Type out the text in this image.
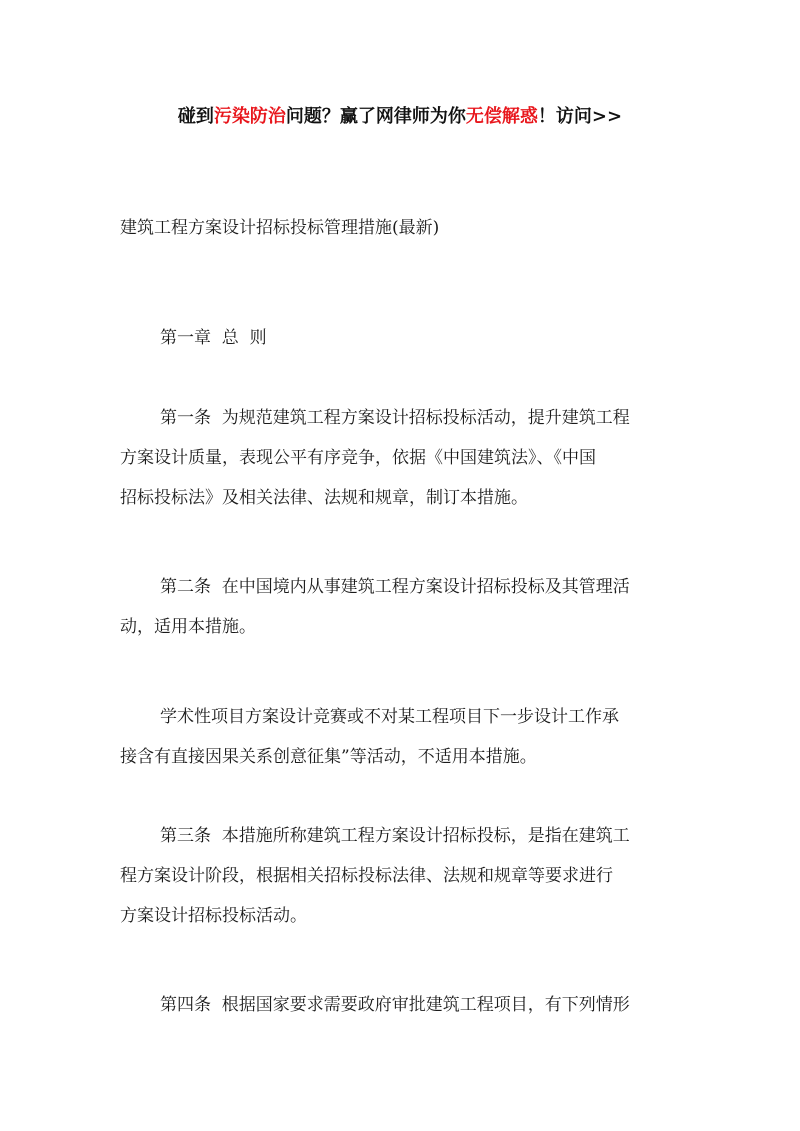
碰到污染防治问题？赢了网律师为你无偿解惑！访问>>
建筑工程方案设计招标投标管理措施(最新)
第一章  总  则
第一条  为规范建筑工程方案设计招标投标活动，提升建筑工程
方案设计质量，表现公平有序竞争，依据《中国建筑法》、《中国
招标投标法》及相关法律、法规和规章，制订本措施。
第二条  在中国境内从事建筑工程方案设计招标投标及其管理活
动，适用本措施。
学术性项目方案设计竞赛或不对某工程项目下一步设计工作承
接含有直接因果关系创意征集”等活动，不适用本措施。
第三条  本措施所称建筑工程方案设计招标投标，是指在建筑工
程方案设计阶段，根据相关招标投标法律、法规和规章等要求进行
方案设计招标投标活动。
第四条  根据国家要求需要政府审批建筑工程项目，有下列情形
